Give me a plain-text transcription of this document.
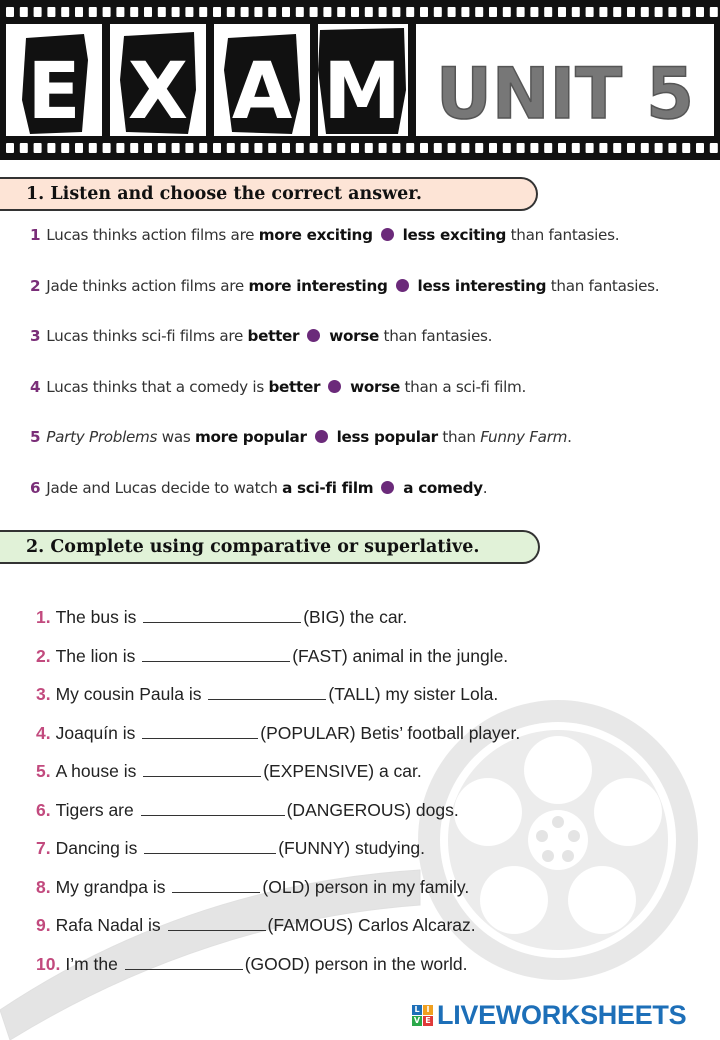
E X A M UNIT 5
1. Listen and choose the correct answer.
1 Lucas thinks action films are more exciting less exciting than fantasies.
2 Jade thinks action films are more interesting less interesting than fantasies.
3 Lucas thinks sci-fi films are better worse than fantasies.
4 Lucas thinks that a comedy is better worse than a sci-fi film.
5 Party Problems was more popular less popular than Funny Farm.
6 Jade and Lucas decide to watch a sci-fi film a comedy.
2. Complete using comparative or superlative.
1. The bus is	(BIG) the car.
2. The lion is	(FAST) animal in the jungle.
3. My cousin Paula is	(TALL) my sister Lola.
4. Joaquín is	(POPULAR) Betis’ football player.
5. A house is	(EXPENSIVE) a car.
6. Tigers are	(DANGEROUS) dogs.
7. Dancing is	(FUNNY) studying.
8. My grandpa is	(OLD) person in my family.
9. Rafa Nadal is	(FAMOUS) Carlos Alcaraz.
10. I’m the	(GOOD) person in the world.
L I
V E LIVEWORKSHEETS
